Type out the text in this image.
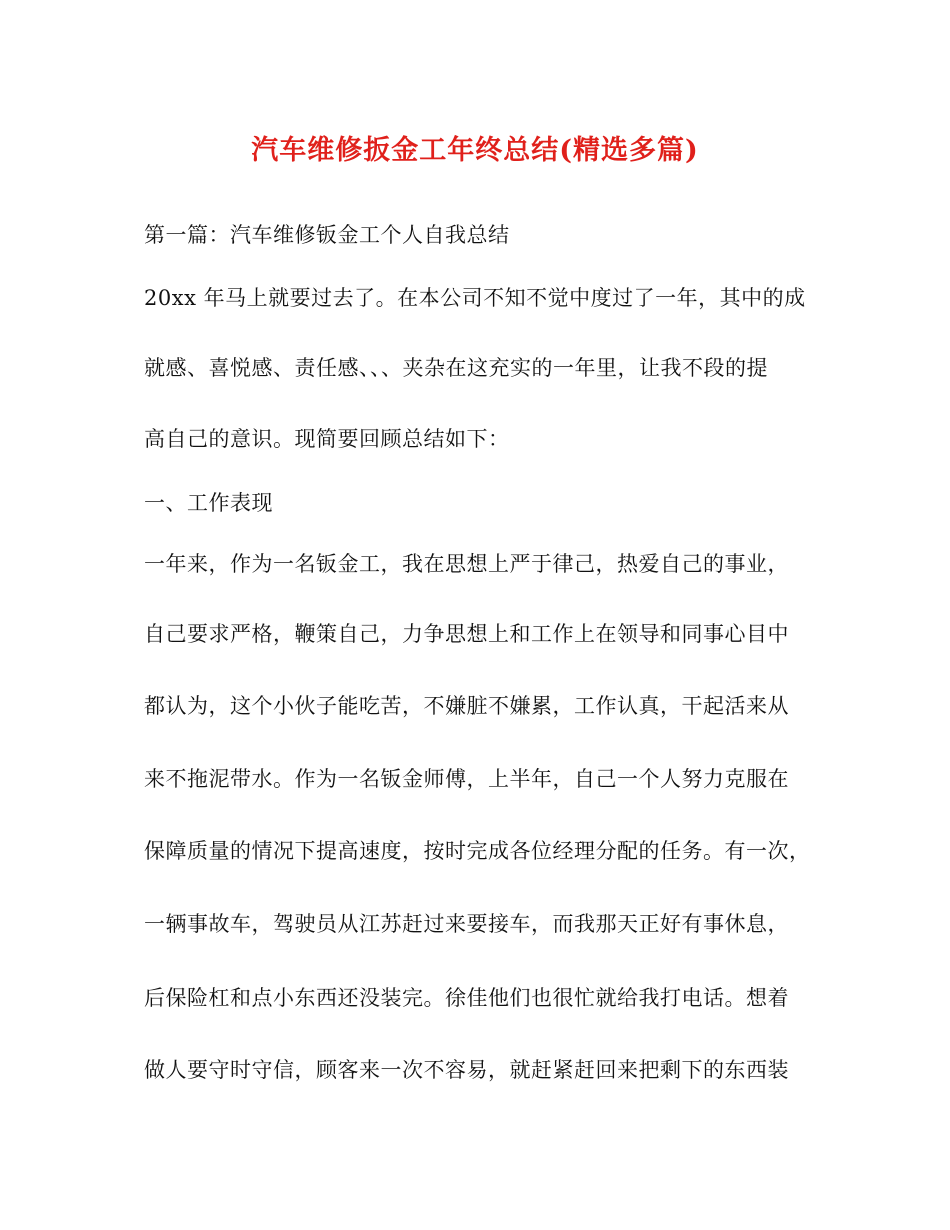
汽车维修扳金工年终总结(精选多篇)
第一篇：汽车维修钣金工个人自我总结
20xx 年马上就要过去了。在本公司不知不觉中度过了一年，其中的成
就感、喜悦感、责任感、、、夹杂在这充实的一年里，让我不段的提
高自己的意识。现简要回顾总结如下：
一、工作表现
一年来，作为一名钣金工，我在思想上严于律己，热爱自己的事业，
自己要求严格，鞭策自己，力争思想上和工作上在领导和同事心目中
都认为，这个小伙子能吃苦，不嫌脏不嫌累，工作认真，干起活来从
来不拖泥带水。作为一名钣金师傅，上半年，自己一个人努力克服在
保障质量的情况下提高速度，按时完成各位经理分配的任务。有一次，
一辆事故车，驾驶员从江苏赶过来要接车，而我那天正好有事休息，
后保险杠和点小东西还没装完。徐佳他们也很忙就给我打电话。想着
做人要守时守信，顾客来一次不容易，就赶紧赶回来把剩下的东西装
